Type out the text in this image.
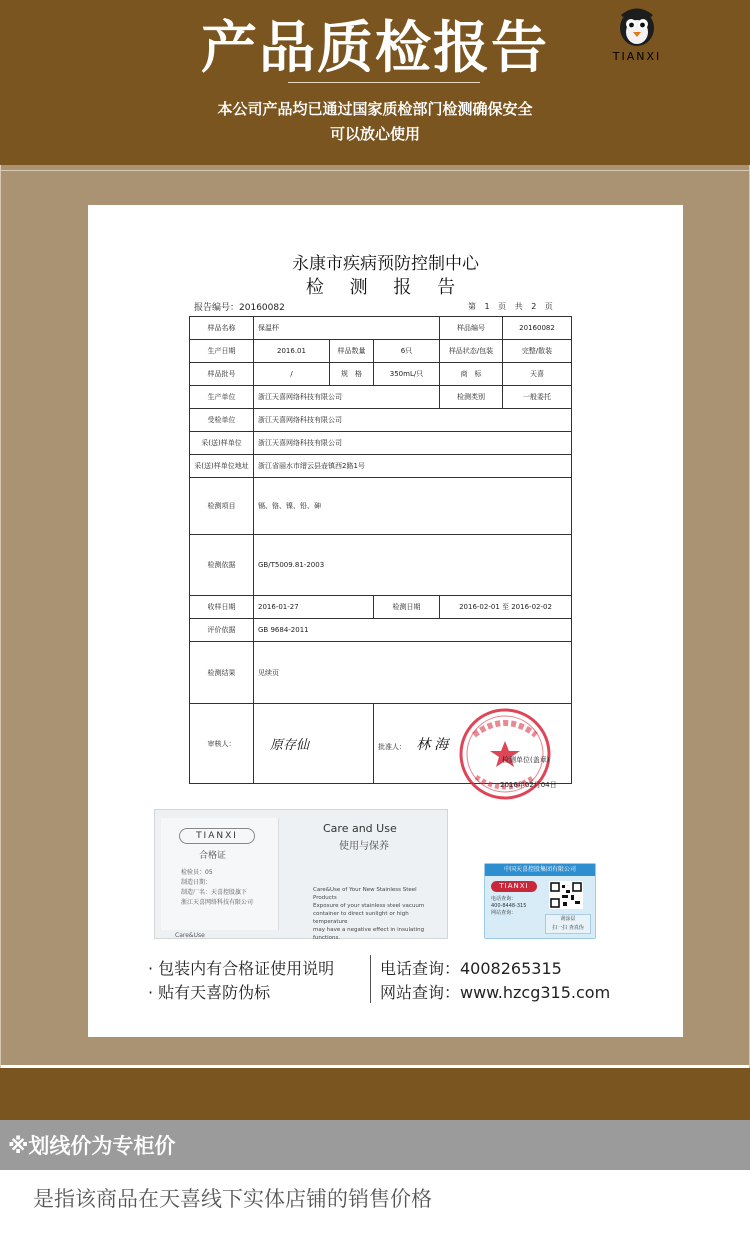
产品质检报告	TIANXI
本公司产品均已通过国家质检部门检测确保安全
可以放心使用
永康市疾病预防控制中心
检 测 报 告
报告编号：20160082	第 1 页 共 2 页
样品名称	保温杯			样品编号	20160082
生产日期	2016.01	样品数量	6只	样品状态/包装	完整/散装
样品批号	/	规　格	350mL/只	商　标	天喜
生产单位	浙江天喜网络科技有限公司			检测类别	一般委托
受检单位	浙江天喜网络科技有限公司				
采(送)样单位	浙江天喜网络科技有限公司				
采(送)样单位地址	浙江省丽水市缙云县壶镇西2路1号				
检测项目	镉、铬、镍、铅、砷				
检测依据	GB/T5009.81-2003				
收样日期	2016-01-27		检测日期	2016-02-01 至 2016-02-02	
评价依据	GB 9684-2011				
检测结果	见续页				
审核人：	原存仙		批准人： 林海		
检测单位(盖章)
2016年02月04日
TIANXI
合格证
检验员：05
制造日期：
制造厂名：天喜控股旗下
浙江天喜网络科技有限公司
Care&Use
Care and Use
使用与保养
Care&Use of Your New Stainless Steel
Products
Exposure of your stainless steel vacuum
container to direct sunlight or high temperature
may have a negative effect in insulating functions.
中国天喜控股集团有限公司
TIANXI
电话查询：
400-8448-315
网站查询：
刮涂层
扫一扫 查真伪
· 包装内有合格证使用说明
· 贴有天喜防伪标
电话查询：4008265315
网站查询：www.hzcg315.com
※划线价为专柜价
是指该商品在天喜线下实体店铺的销售价格
